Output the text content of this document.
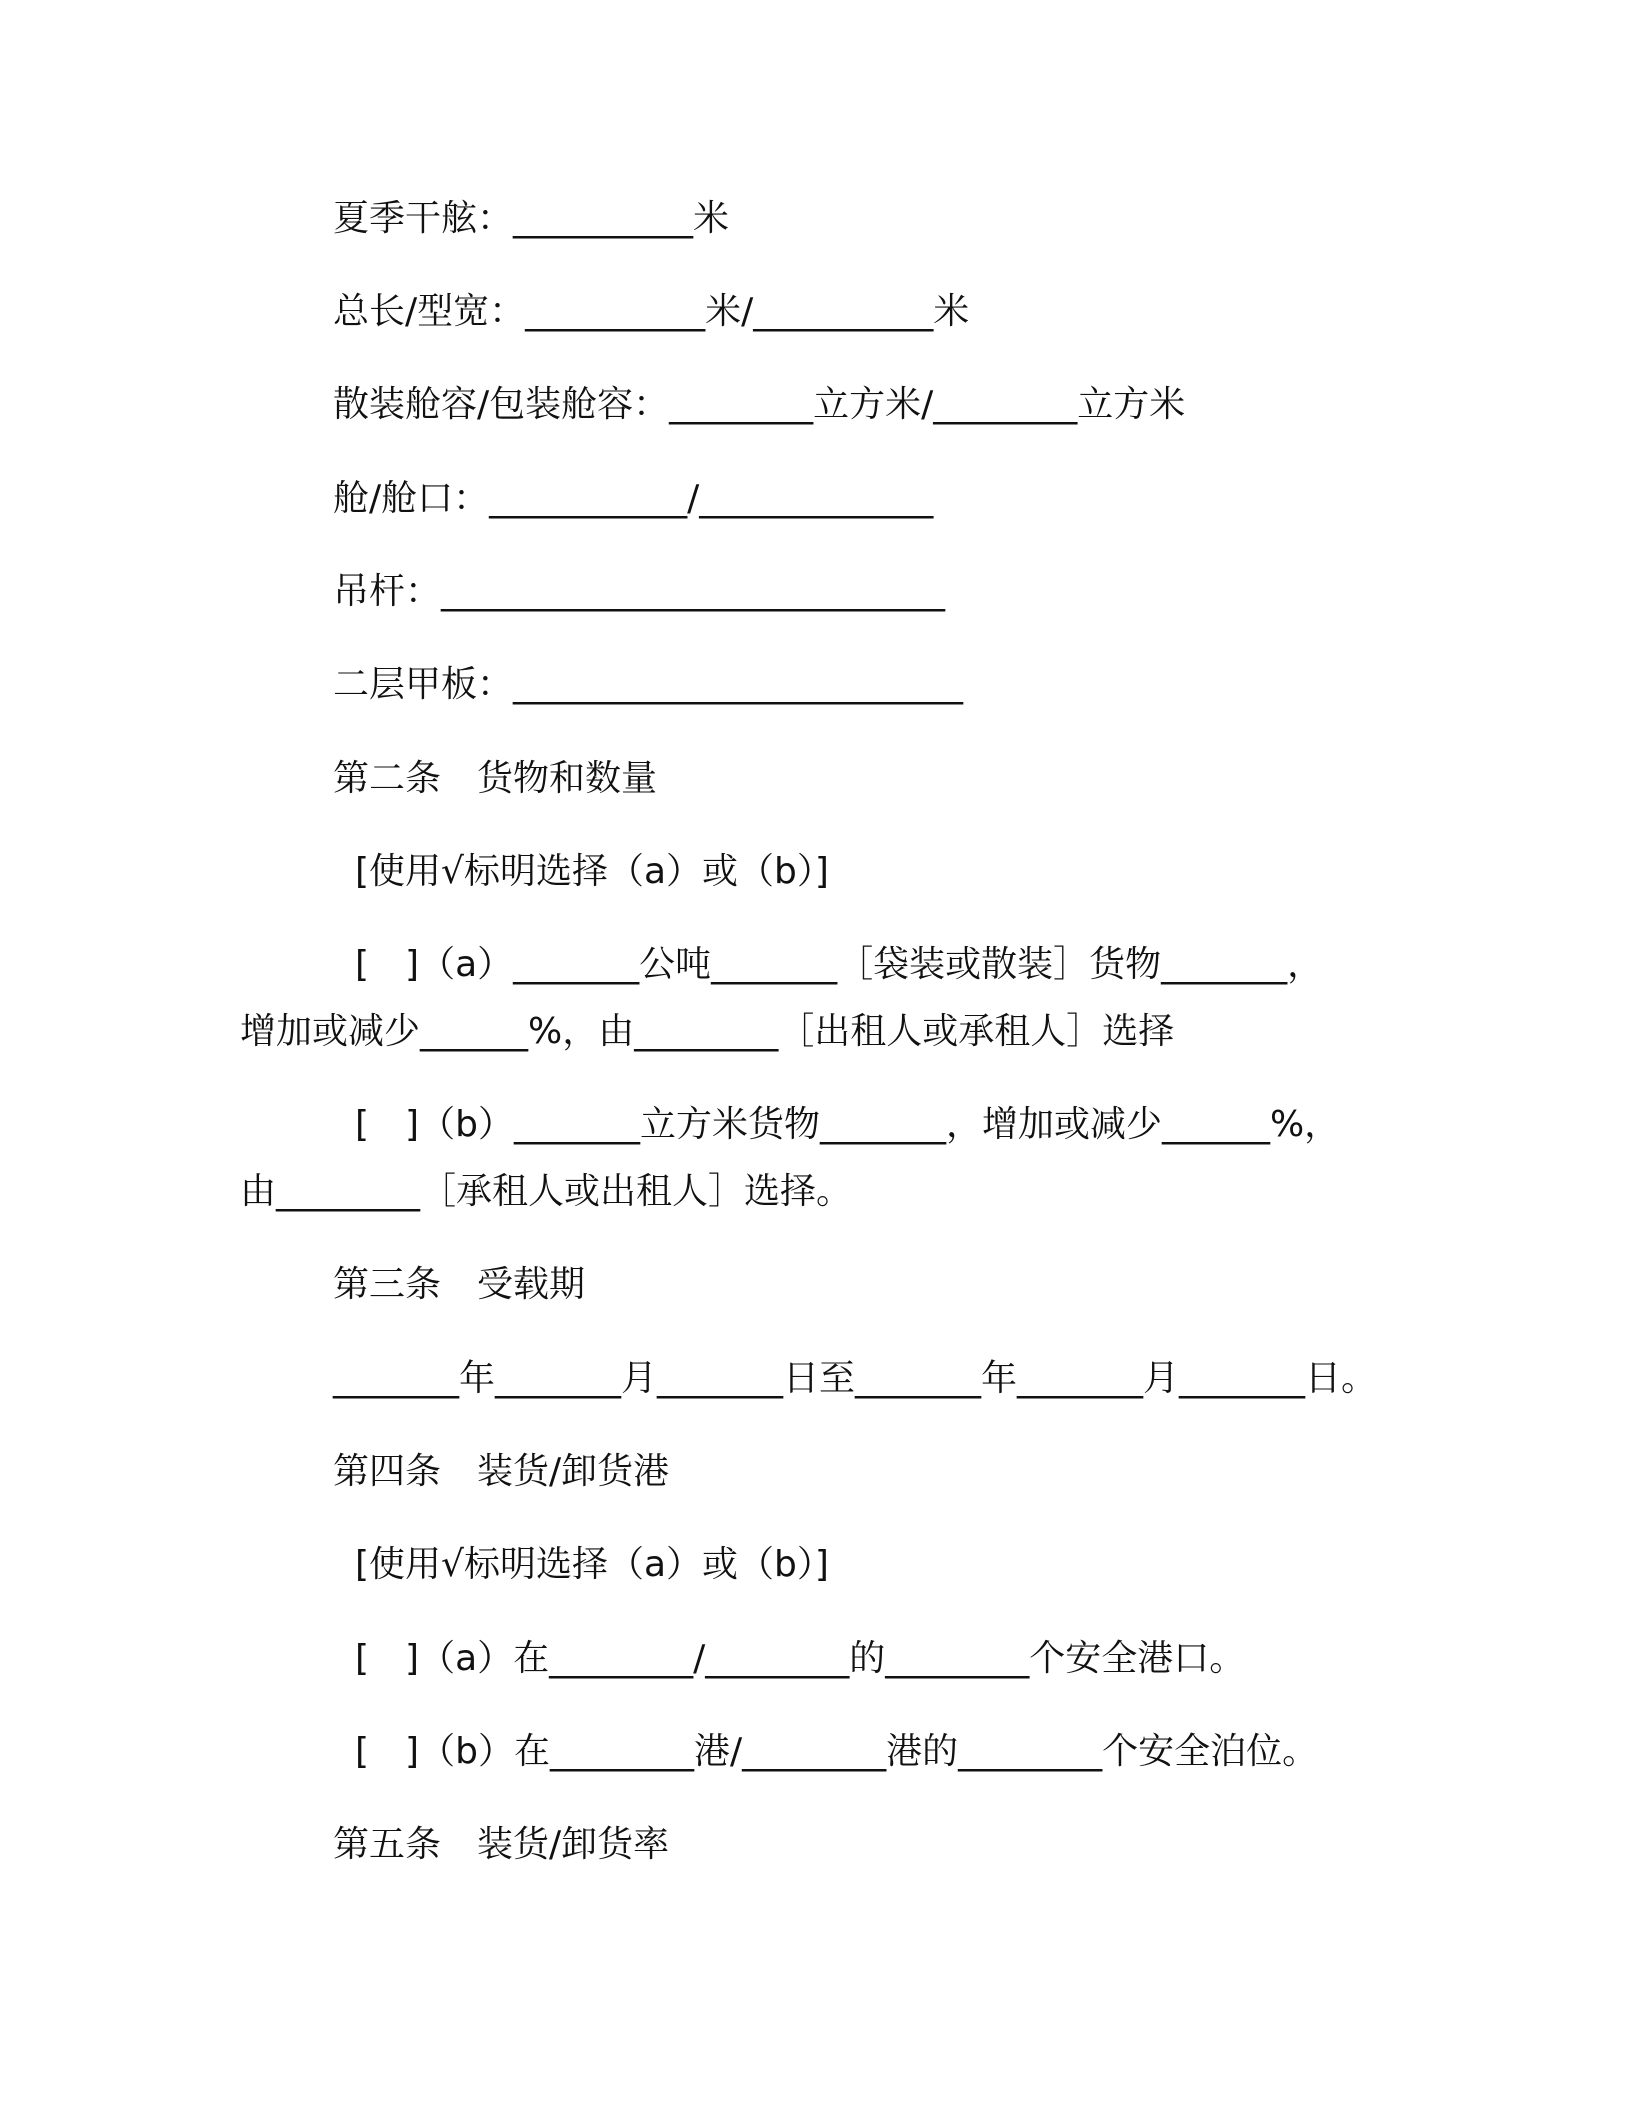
夏季干舷：__________米
总长/型宽：__________米/__________米
散装舱容/包装舱容：________立方米/________立方米
舱/舱口：___________/_____________
吊杆：____________________________
二层甲板：_________________________
第二条　货物和数量
[使用√标明选择（a）或（b）]
[　]（a）_______公吨_______［袋装或散装］货物_______，
增加或减少______%，由________［出租人或承租人］选择
[　]（b）_______立方米货物_______，增加或减少______%，
由________［承租人或出租人］选择。
第三条　受载期
_______年_______月_______日至_______年_______月_______日。
第四条　装货/卸货港
[使用√标明选择（a）或（b）]
[　]（a）在________/________的________个安全港口。
[　]（b）在________港/________港的________个安全泊位。
第五条　装货/卸货率
